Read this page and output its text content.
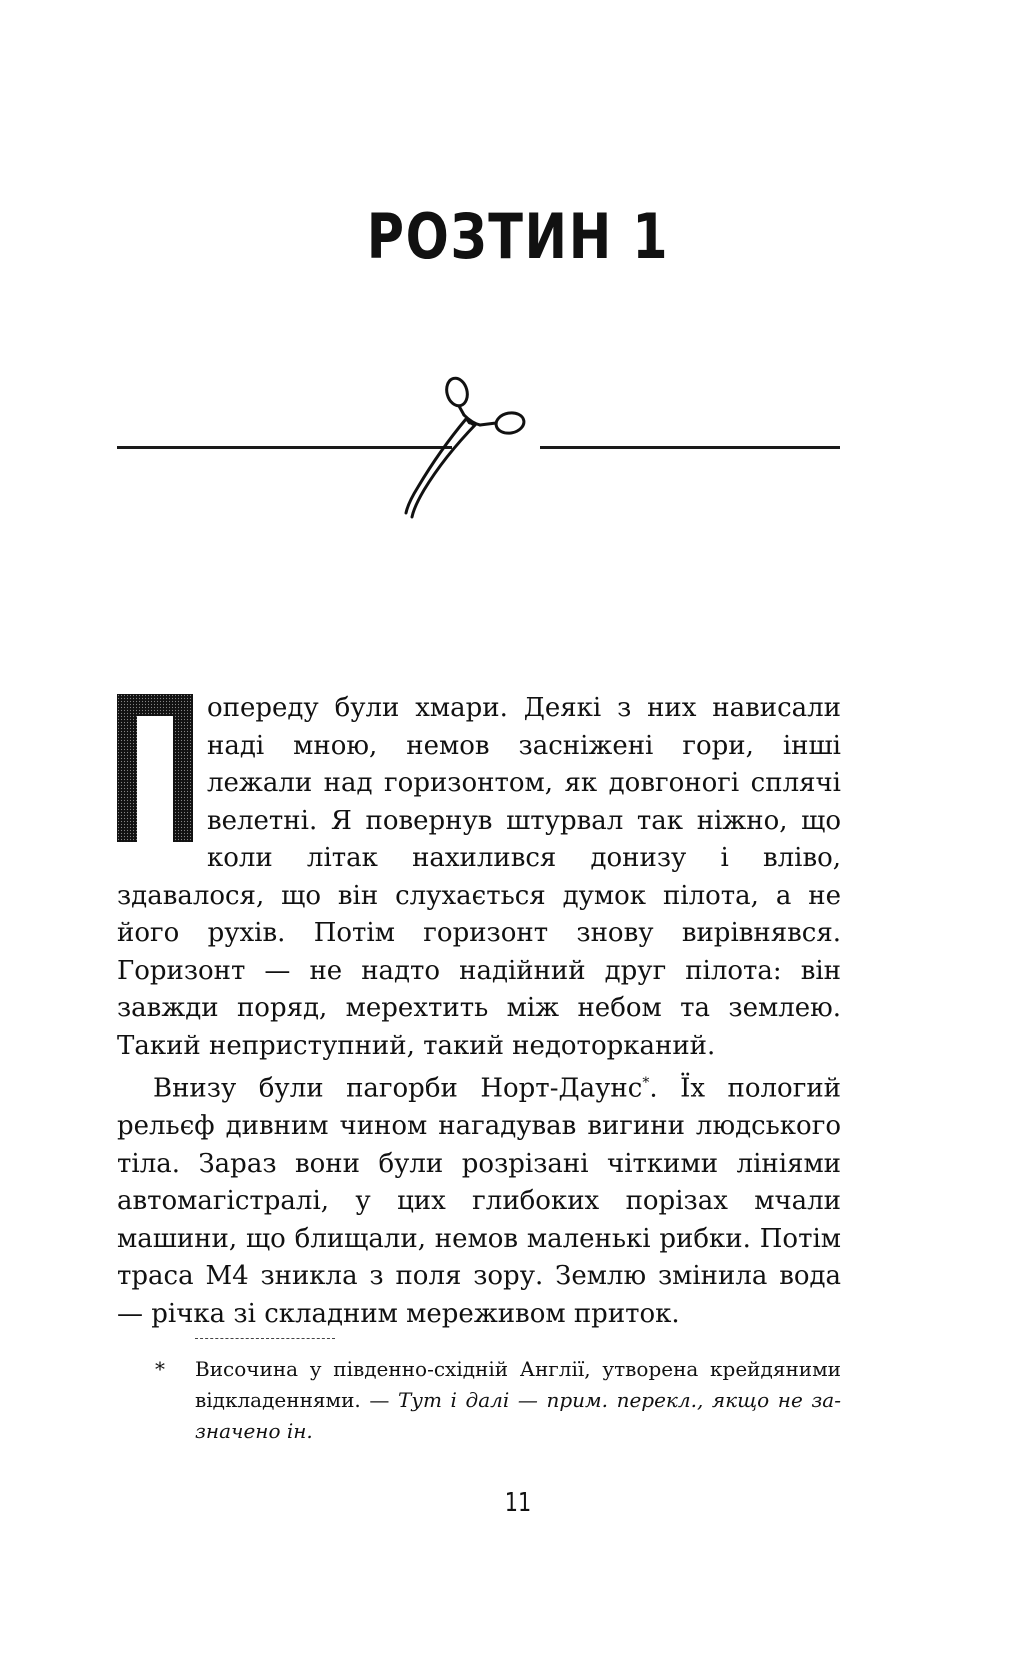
РОЗТИН 1

опереду були хмари. Деякі з них нависали наді мною, немов засніжені гори, інші лежали над горизонтом, як довгоногі сплячі велетні. Я повернув штурвал так ніжно, що коли літак нахилився донизу і вліво, здавалося, що він слухається думок пілота, а не його рухів. Потім горизонт знову вирівнявся. Горизонт — не надто надійний друг пілота: він завжди поряд, мерехтить між небом та землею. Такий неприступний, такий недоторканий.

Внизу були пагорби Норт-Даунс*. Їх пологий рельєф дивним чином нагадував вигини людського тіла. Зараз вони були розрізані чіткими лініями автомагістралі, у цих глибоких порізах мчали машини, що блищали, немов маленькі рибки. Потім траса М4 зникла з поля зору. Землю змінила вода — річка зі складним мереживом приток.

* Височина у південно-східній Англії, утворена крейдяними відкладеннями. — Тут і далі — прим. перекл., якщо не зазначено ін.
11
